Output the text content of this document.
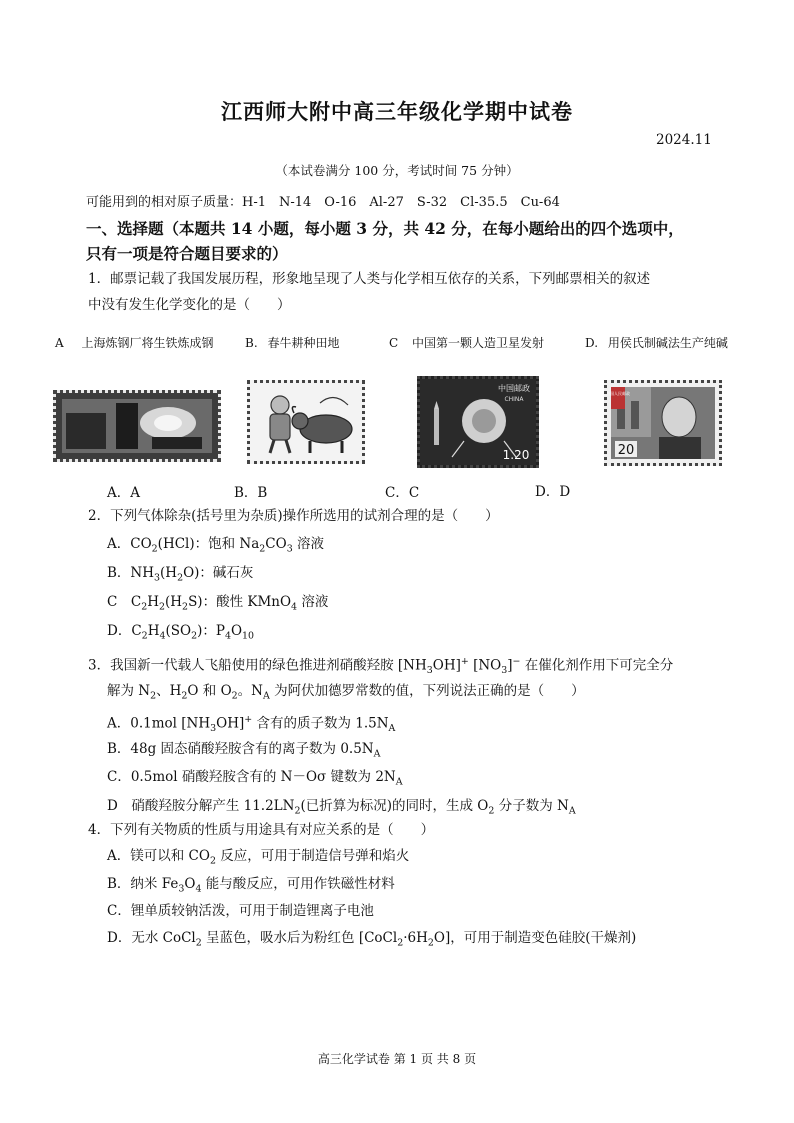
江西师大附中高三年级化学期中试卷
2024.11
（本试卷满分 100 分，考试时间 75 分钟）
可能用到的相对原子质量：H-1　N-14　O-16　Al-27　S-32　Cl-35.5　Cu-64
一、选择题（本题共 14 小题，每小题 3 分，共 42 分，在每小题给出的四个选项中，
只有一项是符合题目要求的）
1．邮票记载了我国发展历程，形象地呈现了人类与化学相互依存的关系，下列邮票相关的叙述
中没有发生化学变化的是（　　）
A 上海炼钢厂将生铁炼成钢	B. 春牛耕种田地	C 中国第一颗人造卫星发射	D. 用侯氏制碱法生产纯碱
中国邮政
CHINA
1.20
中国人民邮政
20
A．A	B．B	C．C	D．D
2．下列气体除杂(括号里为杂质)操作所选用的试剂合理的是（　　）
A．$CO_2(HCl)$：饱和 $Na_2CO_3$ 溶液
B．$NH_3(H_2O)$：碱石灰
C　$C_2H_2(H_2S)$：酸性 KMnO$_4$ 溶液
D．$C_2H_4(SO_2)$：$P_4O_{10}$
3．我国新一代载人飞船使用的绿色推进剂硝酸羟胺 $[NH_3OH]^+$ $[NO_3]^-$ 在催化剂作用下可完全分
解为 $N_2$、$H_2O$ 和 $O_2$。$N_A$ 为阿伏加德罗常数的值，下列说法正确的是（　　）
A．0.1mol $[NH_3OH]^+$ 含有的质子数为 $1.5N_A$
B．48g 固态硝酸羟胺含有的离子数为 $0.5N_A$
C．0.5mol 硝酸羟胺含有的 N－Oσ 键数为 $2N_A$
D　硝酸羟胺分解产生 $11.2LN_2$(已折算为标况)的同时，生成 $O_2$ 分子数为 $N_A$
4．下列有关物质的性质与用途具有对应关系的是（　　）
A．镁可以和 $CO_2$ 反应，可用于制造信号弹和焰火
B．纳米 $Fe_3O_4$ 能与酸反应，可用作铁磁性材料
C．锂单质较钠活泼，可用于制造锂离子电池
D．无水 CoCl$_2$ 呈蓝色，吸水后为粉红色 $[CoCl_2\cdot 6H_2O]$，可用于制造变色硅胶(干燥剂)
高三化学试卷 第 1 页 共 8 页
